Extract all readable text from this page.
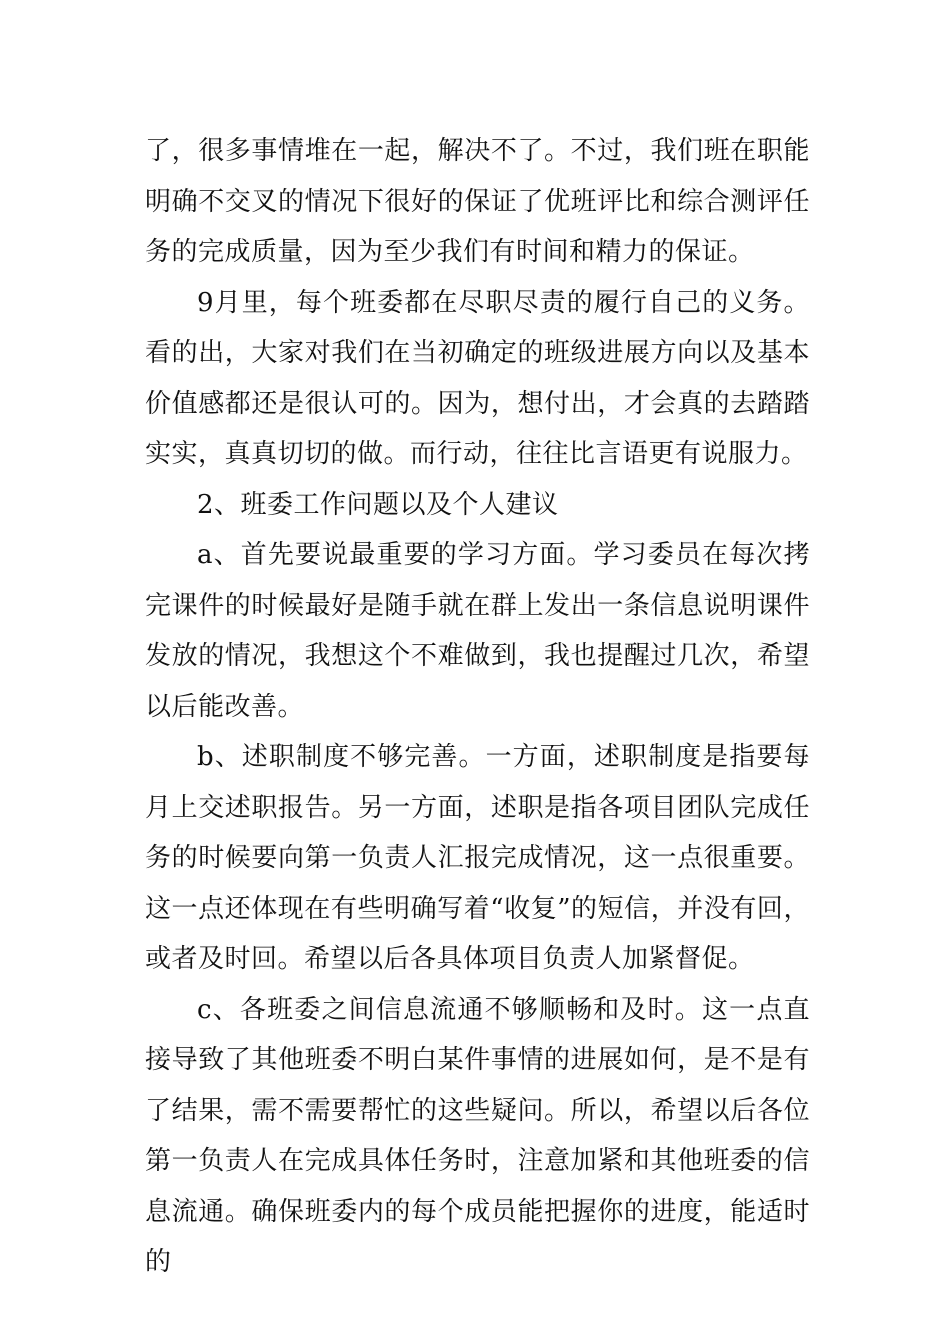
了，很多事情堆在一起，解决不了。不过，我们班在职能明确不交叉的情况下很好的保证了优班评比和综合测评任务的完成质量，因为至少我们有时间和精力的保证。

9月里，每个班委都在尽职尽责的履行自己的义务。看的出，大家对我们在当初确定的班级进展方向以及基本价值感都还是很认可的。因为，想付出，才会真的去踏踏实实，真真切切的做。而行动，往往比言语更有说服力。

2、班委工作问题以及个人建议

a、首先要说最重要的学习方面。学习委员在每次拷完课件的时候最好是随手就在群上发出一条信息说明课件发放的情况，我想这个不难做到，我也提醒过几次，希望以后能改善。

b、述职制度不够完善。一方面，述职制度是指要每月上交述职报告。另一方面，述职是指各项目团队完成任务的时候要向第一负责人汇报完成情况，这一点很重要。这一点还体现在有些明确写着“收复”的短信，并没有回，或者及时回。希望以后各具体项目负责人加紧督促。

c、各班委之间信息流通不够顺畅和及时。这一点直接导致了其他班委不明白某件事情的进展如何，是不是有了结果，需不需要帮忙的这些疑问。所以，希望以后各位第一负责人在完成具体任务时，注意加紧和其他班委的信息流通。确保班委内的每个成员能把握你的进度，能适时的
